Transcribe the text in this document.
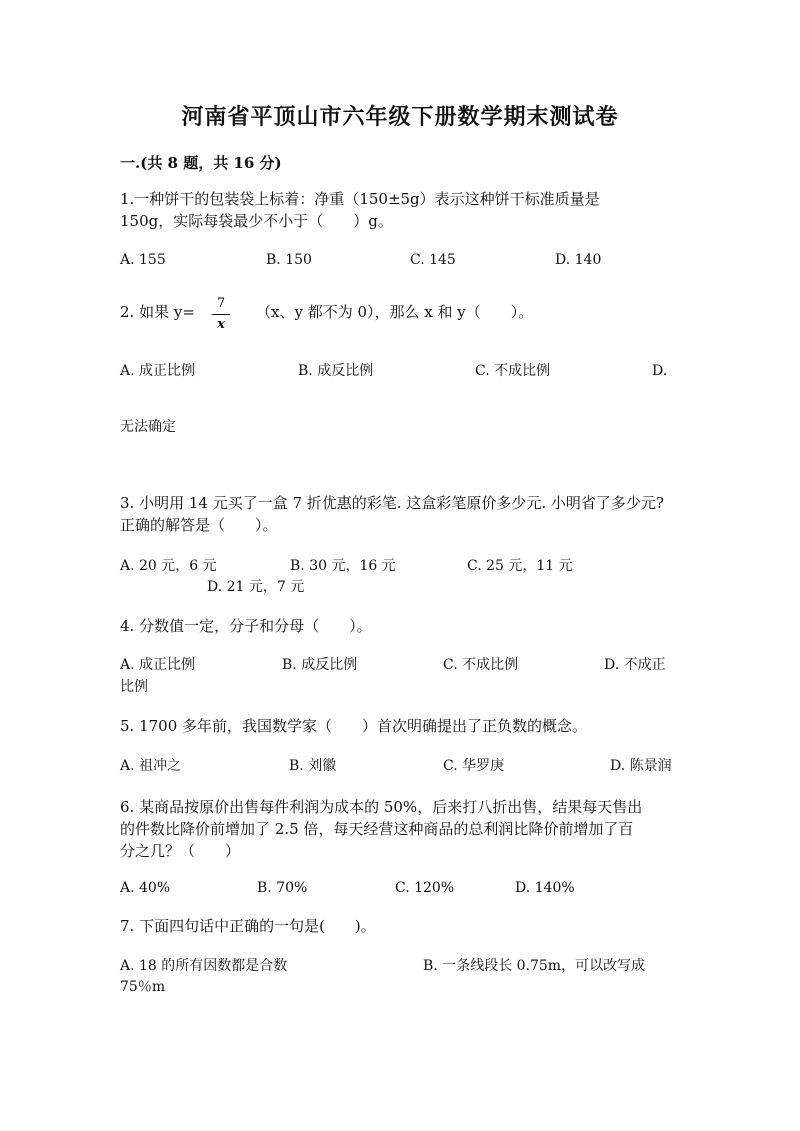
河南省平顶山市六年级下册数学期末测试卷
一.(共 8 题，共 16 分)
1.一种饼干的包装袋上标着：净重（150±5g）表示这种饼干标准质量是
150g，实际每袋最少不小于（　　）g。
A. 155	B. 150	C. 145	D. 140
2. 如果 y=	7
x
（x、y 都不为 0），那么 x 和 y（　　）。
A. 成正比例	B. 成反比例	C. 不成比例	D.
无法确定
3. 小明用 14 元买了一盒 7 折优惠的彩笔. 这盒彩笔原价多少元. 小明省了多少元?
正确的解答是（　　）。
A. 20 元，6 元	B. 30 元，16 元	C. 25 元，11 元
D. 21 元，7 元
4. 分数值一定，分子和分母（　　）。
A. 成正比例	B. 成反比例	C. 不成比例	D. 不成正
比例
5. 1700 多年前，我国数学家（　　）首次明确提出了正负数的概念。
A. 祖冲之	B. 刘徽	C. 华罗庚	D. 陈景润
6. 某商品按原价出售每件利润为成本的 50%，后来打八折出售，结果每天售出
的件数比降价前增加了 2.5 倍，每天经营这种商品的总利润比降价前增加了百
分之几？（　　）
A. 40%	B. 70%	C. 120%	D. 140%
7. 下面四句话中正确的一句是(　　)。
A. 18 的所有因数都是合数	B. 一条线段长 0.75m，可以改写成
75％m
